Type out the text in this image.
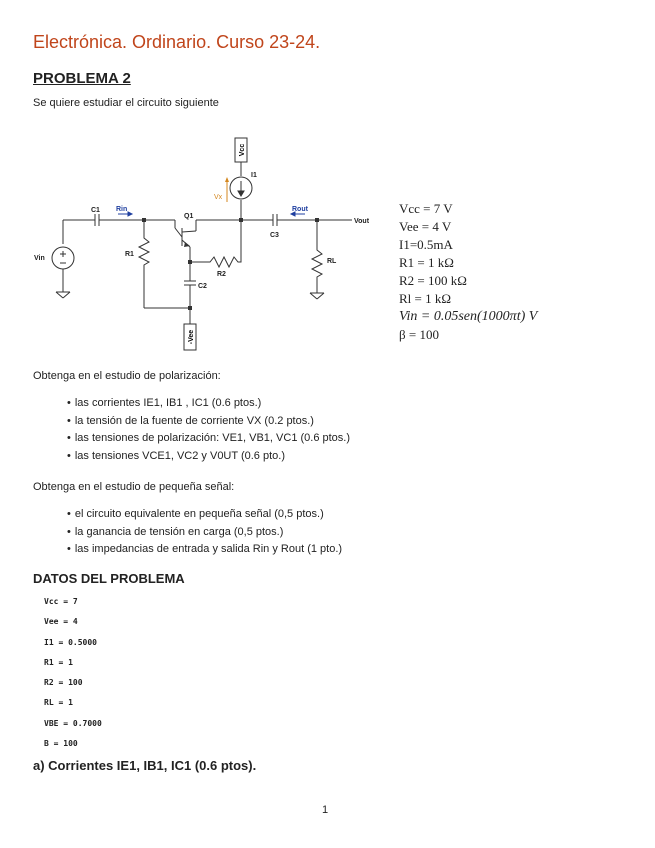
Electrónica. Ordinario. Curso 23-24.
PROBLEMA 2
Se quiere estudiar el circuito siguiente
Vcc
-Vee
Vx
I1
C1 Rin
Q1
C3
Rout
Vout
Vin
R1
R2
C2
RL
Vcc = 7 V
Vee = 4 V
I1=0.5mA
R1 = 1 kΩ
R2 = 100 kΩ
Rl = 1 kΩ
Vin = 0.05sen(1000πt) V
β = 100
Obtenga en el estudio de polarización:
• las corrientes IE1, IB1 , IC1 (0.6 ptos.)
• la tensión de la fuente de corriente VX (0.2 ptos.)
• las tensiones de polarización: VE1, VB1, VC1 (0.6 ptos.)
• las tensiones VCE1, VC2 y V0UT (0.6 pto.)
Obtenga en el estudio de pequeña señal:
• el circuito equivalente en pequeña señal (0,5 ptos.)
• la ganancia de tensión en carga (0,5 ptos.)
• las impedancias de entrada y salida Rin y Rout (1 pto.)
DATOS DEL PROBLEMA
Vcc = 7
Vee = 4
I1 = 0.5000
R1 = 1
R2 = 100
RL = 1
VBE = 0.7000
B = 100
a) Corrientes IE1, IB1, IC1 (0.6 ptos).
1
